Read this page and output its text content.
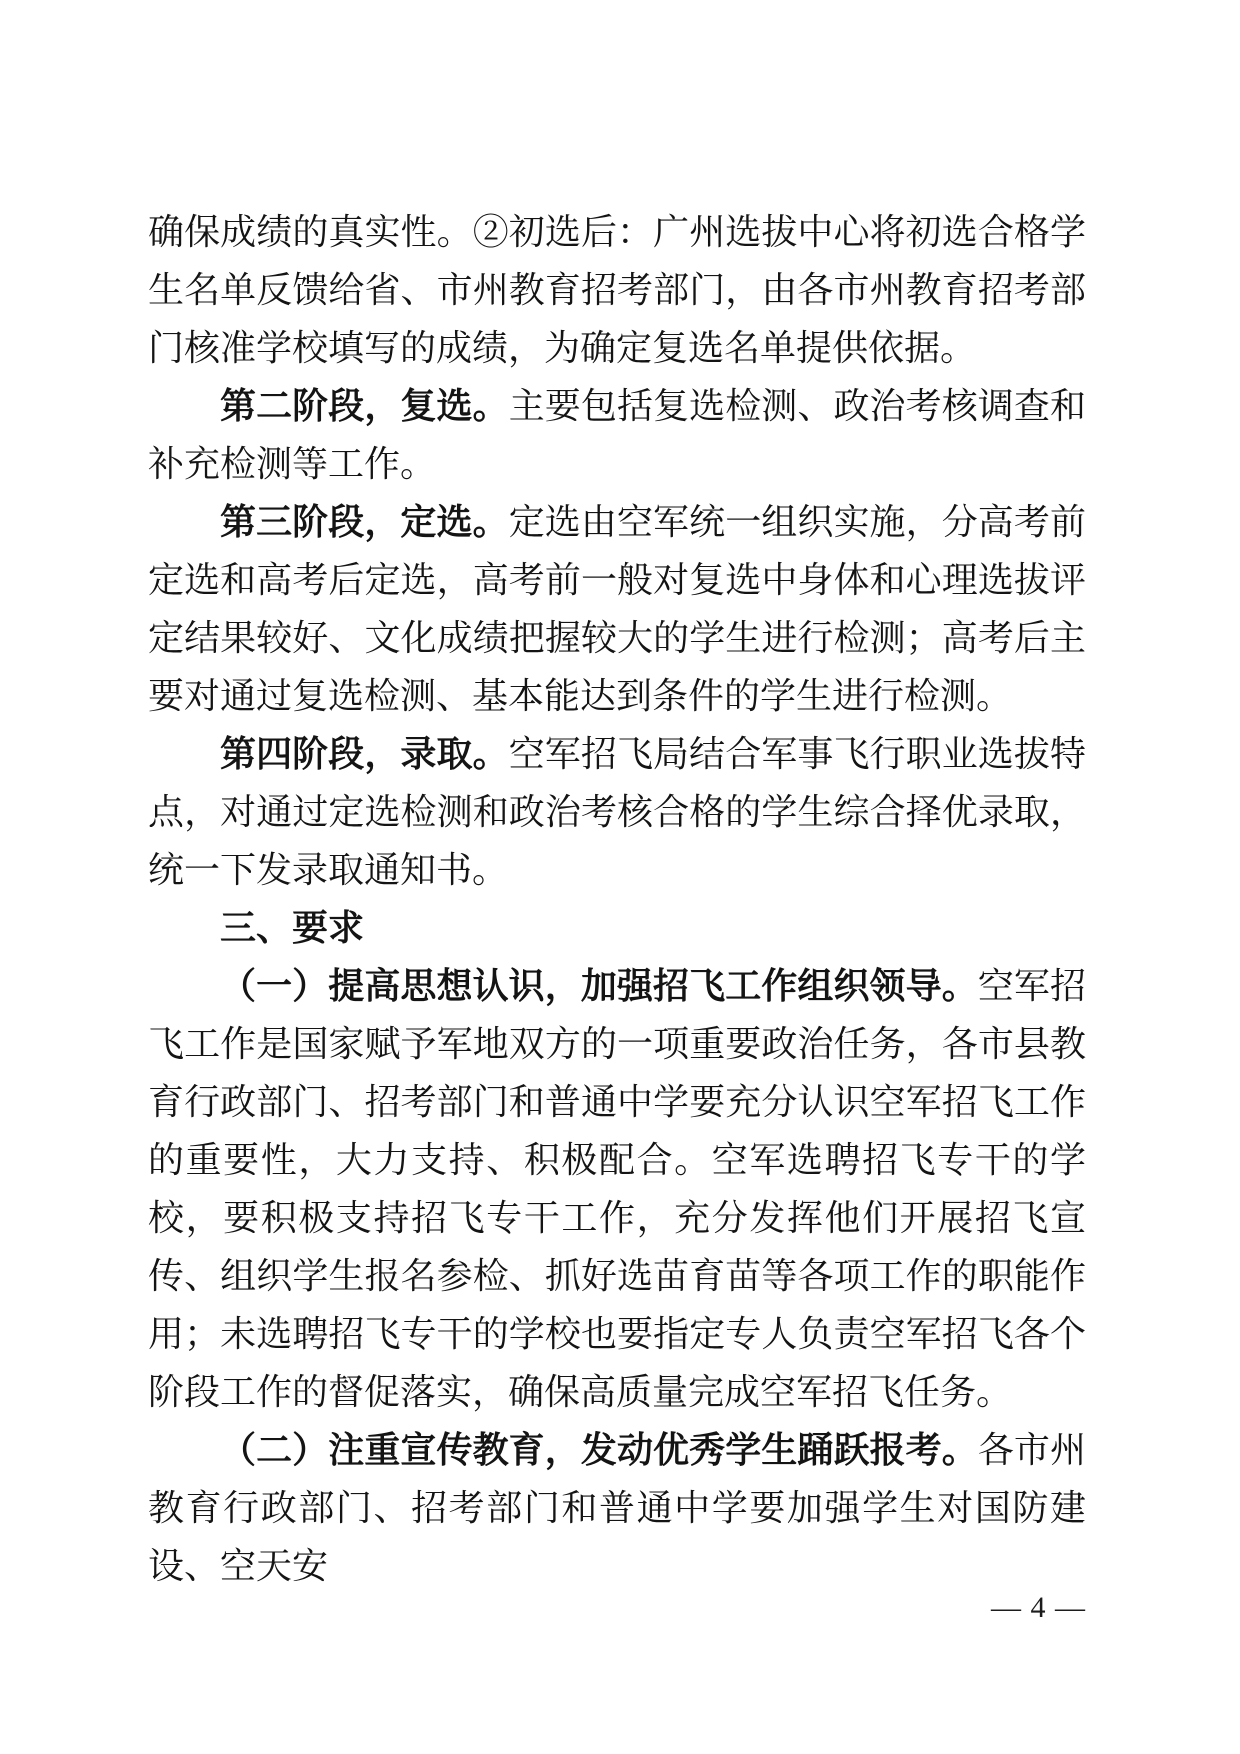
确保成绩的真实性。②初选后：广州选拔中心将初选合格学生名单反馈给省、市州教育招考部门，由各市州教育招考部门核准学校填写的成绩，为确定复选名单提供依据。

第二阶段，复选。主要包括复选检测、政治考核调查和补充检测等工作。

第三阶段，定选。定选由空军统一组织实施，分高考前定选和高考后定选，高考前一般对复选中身体和心理选拔评定结果较好、文化成绩把握较大的学生进行检测；高考后主要对通过复选检测、基本能达到条件的学生进行检测。

第四阶段，录取。空军招飞局结合军事飞行职业选拔特点，对通过定选检测和政治考核合格的学生综合择优录取，统一下发录取通知书。

三、要求

（一）提高思想认识，加强招飞工作组织领导。空军招飞工作是国家赋予军地双方的一项重要政治任务，各市县教育行政部门、招考部门和普通中学要充分认识空军招飞工作的重要性，大力支持、积极配合。空军选聘招飞专干的学校，要积极支持招飞专干工作，充分发挥他们开展招飞宣传、组织学生报名参检、抓好选苗育苗等各项工作的职能作用；未选聘招飞专干的学校也要指定专人负责空军招飞各个阶段工作的督促落实，确保高质量完成空军招飞任务。

（二）注重宣传教育，发动优秀学生踊跃报考。各市州教育行政部门、招考部门和普通中学要加强学生对国防建设、空天安

— 4 —
